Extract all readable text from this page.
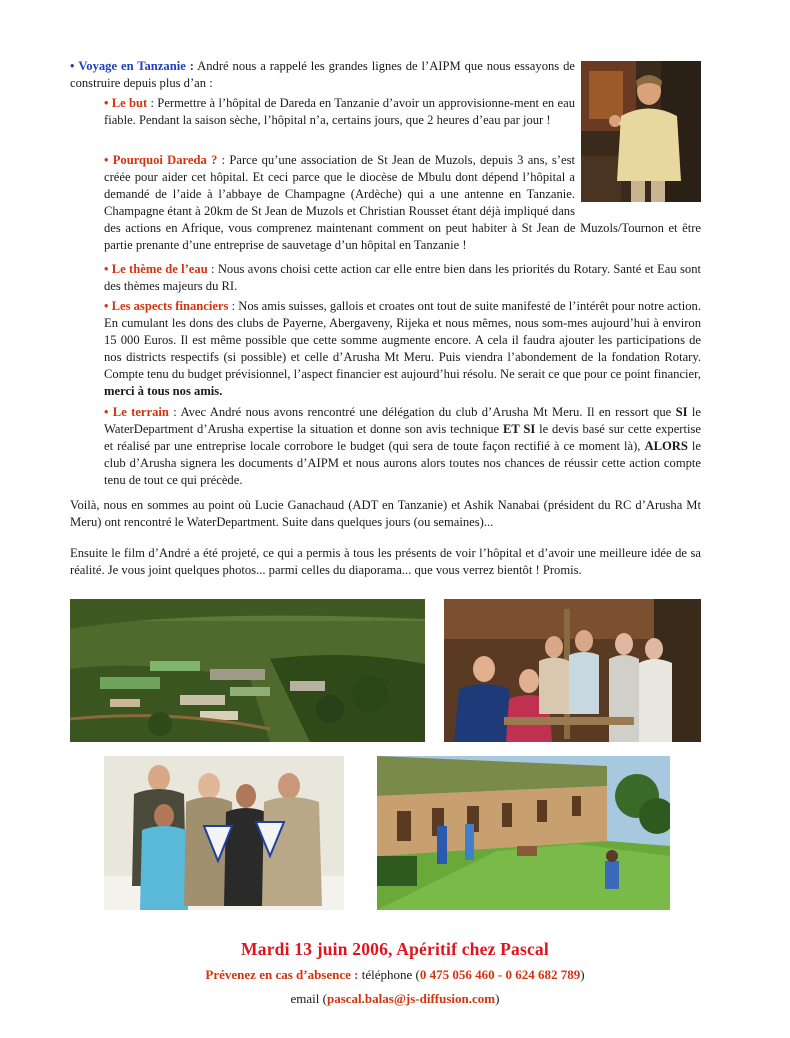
• Voyage en Tanzanie : André nous a rappelé les grandes lignes de l’AIPM que nous essayons de construire depuis plus d’an :

• Le but : Permettre à l’hôpital de Dareda en Tanzanie d’avoir un approvisionne-ment en eau fiable. Pendant la saison sèche, l’hôpital n’a, certains jours, que 2 heures d’eau par jour !

• Pourquoi Dareda ? : Parce qu’une association de St Jean de Muzols, depuis 3 ans, s’est créée pour aider cet hôpital. Et ceci parce que le diocèse de Mbulu dont dépend l’hôpital a demandé de l’aide à l’abbaye de Champagne (Ardèche) qui a une antenne en Tanzanie. Champagne étant à 20km de St Jean de Muzols et Christian Rousset étant déjà impliqué dans des actions en Afrique, vous comprenez maintenant comment on peut habiter à St Jean de Muzols/Tournon et être partie prenante d’une entreprise de sauvetage d’un hôpital en Tanzanie !

• Le thème de l’eau : Nous avons choisi cette action car elle entre bien dans les priorités du Rotary. Santé et Eau sont des thèmes majeurs du RI.

• Les aspects financiers : Nos amis suisses, gallois et croates ont tout de suite manifesté de l’intérêt pour notre action. En cumulant les dons des clubs de Payerne, Abergaveny, Rijeka et nous mêmes, nous som-mes aujourd’hui à environ 15 000 Euros. Il est même possible que cette somme augmente encore. A cela il faudra ajouter les participations de nos districts respectifs (si possible) et celle d’Arusha Mt Meru. Puis viendra l’abondement de la fondation Rotary. Compte tenu du budget prévisionnel, l’aspect financier est aujourd’hui résolu. Ne serait ce que pour ce point financier, merci à tous nos amis.

• Le terrain : Avec André nous avons rencontré une délégation du club d’Arusha Mt Meru. Il en ressort que SI le WaterDepartment d’Arusha expertise la situation et donne son avis technique ET SI le devis basé sur cette expertise et réalisé par une entreprise locale corrobore le budget (qui sera de toute façon rectifié à ce moment là), ALORS le club d’Arusha signera les documents d’AIPM et nous aurons alors toutes nos chances de réussir cette action compte tenu de tout ce qui précède.

Voilà, nous en sommes au point où Lucie Ganachaud (ADT en Tanzanie) et Ashik Nanabai (président du RC d’Arusha Mt Meru) ont rencontré le WaterDepartment. Suite dans quelques jours (ou semaines)...

Ensuite le film d’André a été projeté, ce qui a permis à tous les présents de voir l’hôpital et d’avoir une meilleure idée de sa réalité. Je vous joint quelques photos... parmi celles du diaporama... que vous verrez bientôt ! Promis.

Mardi 13 juin 2006, Apéritif chez Pascal
Prévenez en cas d’absence : téléphone (0 475 056 460 - 0 624 682 789)
email (pascal.balas@js-diffusion.com)
